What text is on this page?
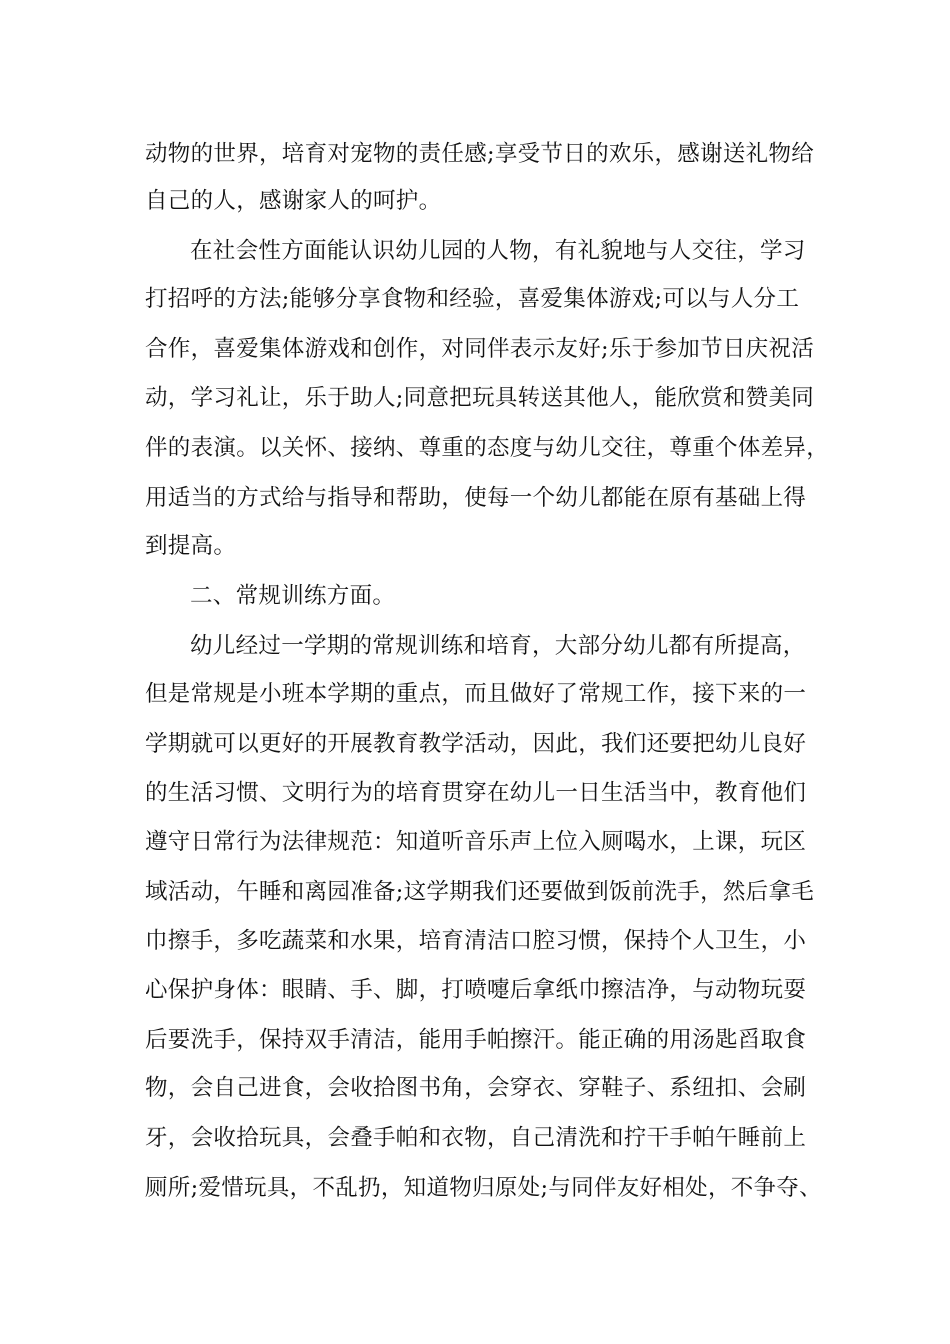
动物的世界，培育对宠物的责任感;享受节日的欢乐，感谢送礼物给
自己的人，感谢家人的呵护。
在社会性方面能认识幼儿园的人物，有礼貌地与人交往，学习
打招呼的方法;能够分享食物和经验，喜爱集体游戏;可以与人分工
合作，喜爱集体游戏和创作，对同伴表示友好;乐于参加节日庆祝活
动，学习礼让，乐于助人;同意把玩具转送其他人，能欣赏和赞美同
伴的表演。以关怀、接纳、尊重的态度与幼儿交往，尊重个体差异，
用适当的方式给与指导和帮助，使每一个幼儿都能在原有基础上得
到提高。
二、常规训练方面。
幼儿经过一学期的常规训练和培育，大部分幼儿都有所提高，
但是常规是小班本学期的重点，而且做好了常规工作，接下来的一
学期就可以更好的开展教育教学活动，因此，我们还要把幼儿良好
的生活习惯、文明行为的培育贯穿在幼儿一日生活当中，教育他们
遵守日常行为法律规范：知道听音乐声上位入厕喝水，上课，玩区
域活动，午睡和离园准备;这学期我们还要做到饭前洗手，然后拿毛
巾擦手，多吃蔬菜和水果，培育清洁口腔习惯，保持个人卫生，小
心保护身体：眼睛、手、脚，打喷嚏后拿纸巾擦洁净，与动物玩耍
后要洗手，保持双手清洁，能用手帕擦汗。能正确的用汤匙舀取食
物，会自己进食，会收拾图书角，会穿衣、穿鞋子、系纽扣、会刷
牙，会收拾玩具，会叠手帕和衣物，自己清洗和拧干手帕午睡前上
厕所;爱惜玩具，不乱扔，知道物归原处;与同伴友好相处，不争夺、
